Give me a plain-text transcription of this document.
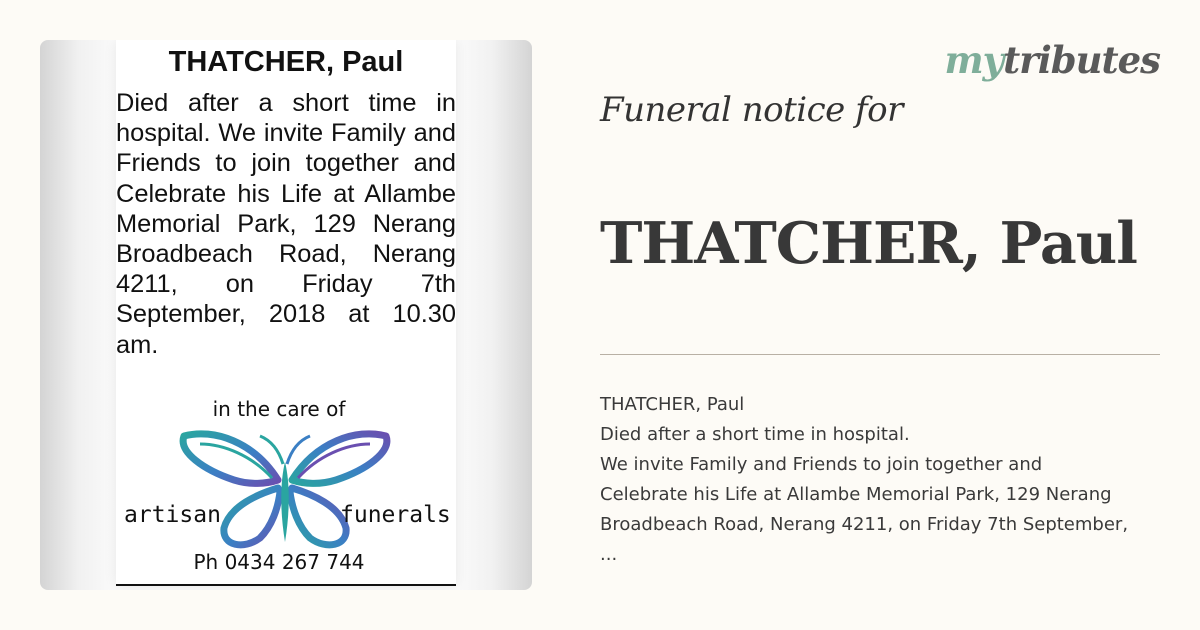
THATCHER, Paul

Died after a short time in hospital. We invite Family and Friends to join together and Celebrate his Life at Allambe Memorial Park, 129 Nerang Broadbeach Road, Nerang 4211, on Friday 7th September, 2018 at 10.30 am.

in the care of
artisan	funerals
Ph 0434 267 744
mytributes

Funeral notice for

THATCHER, Paul
THATCHER, Paul
Died after a short time in hospital.
We invite Family and Friends to join together and
Celebrate his Life at Allambe Memorial Park, 129 Nerang
Broadbeach Road, Nerang 4211, on Friday 7th September,
...
